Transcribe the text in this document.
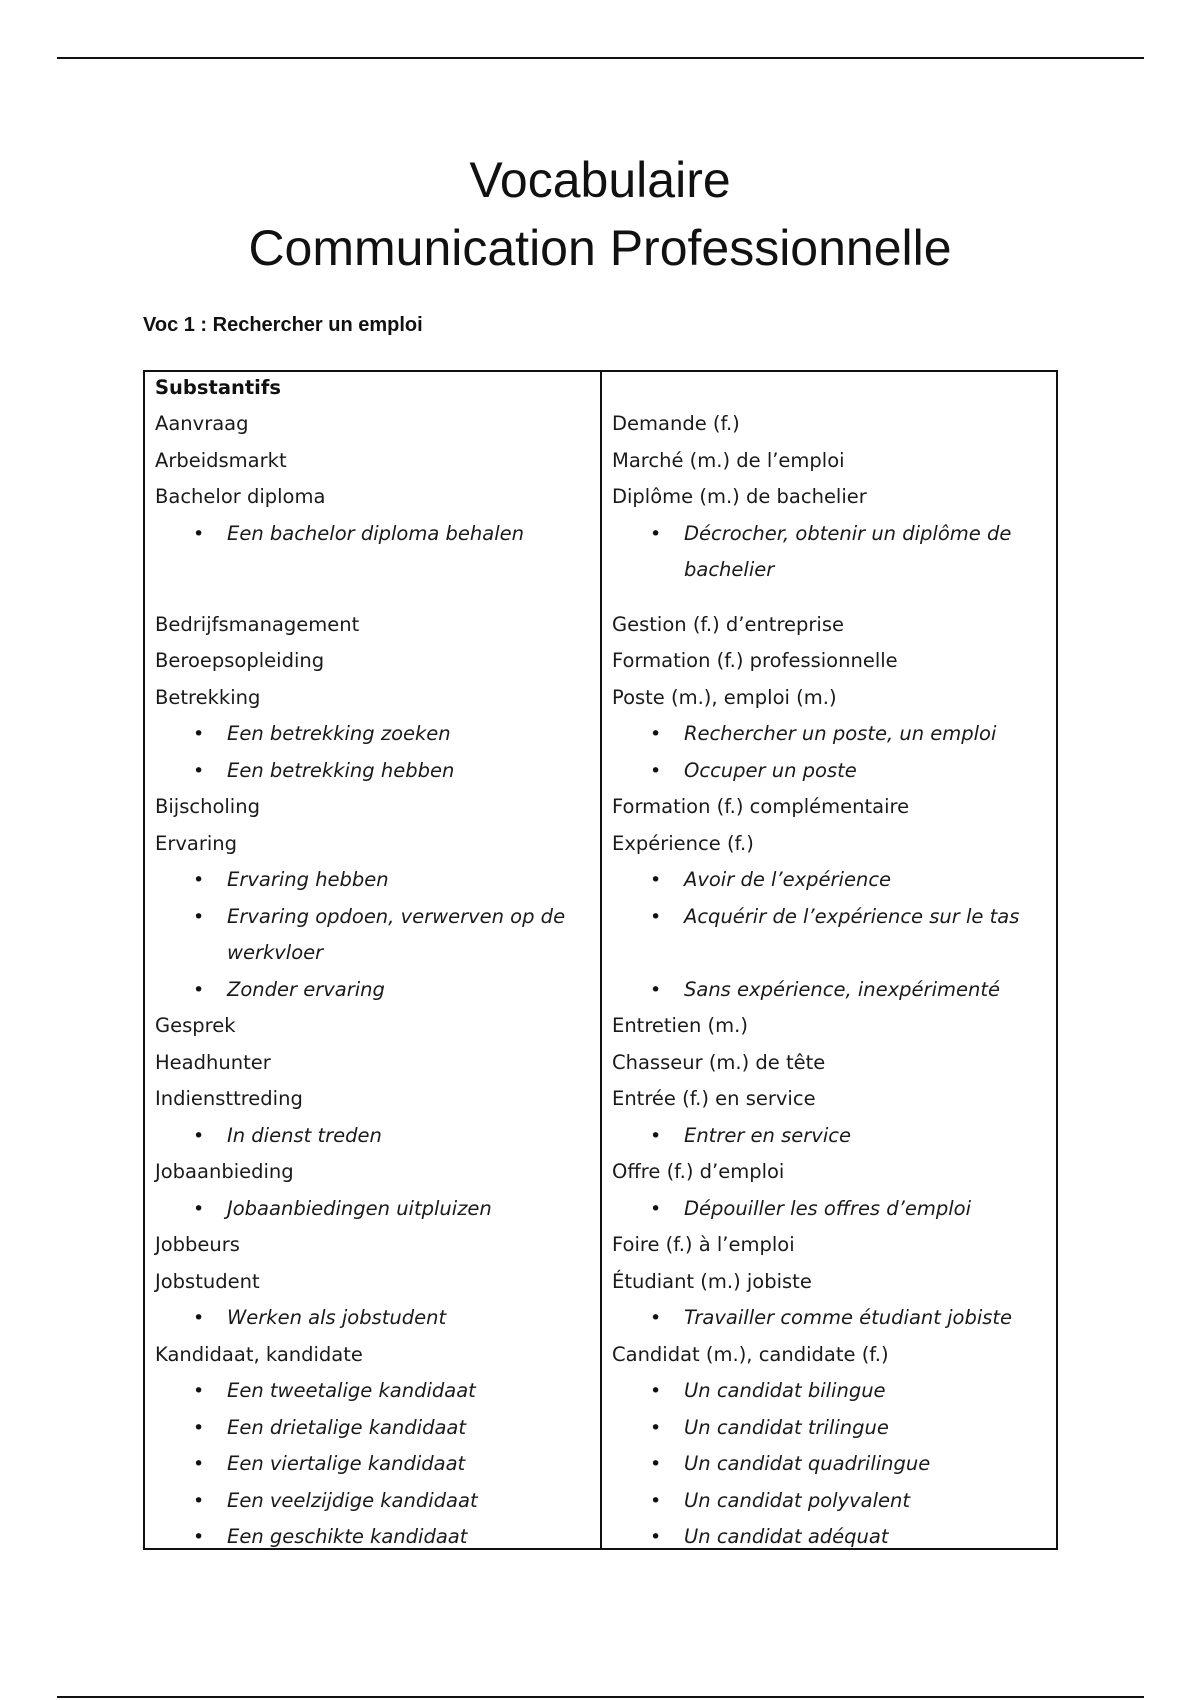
Vocabulaire
Communication Professionnelle
Voc 1 : Rechercher un emploi
Substantifs
Aanvraag
Arbeidsmarkt
Bachelor diploma
• Een bachelor diploma behalen
Bedrijfsmanagement
Beroepsopleiding
Betrekking
• Een betrekking zoeken
• Een betrekking hebben
Bijscholing
Ervaring
• Ervaring hebben
• Ervaring opdoen, verwerven op de werkvloer
• Zonder ervaring
Gesprek
Headhunter
Indiensttreding
• In dienst treden
Jobaanbieding
• Jobaanbiedingen uitpluizen
Jobbeurs
Jobstudent
• Werken als jobstudent
Kandidaat, kandidate
• Een tweetalige kandidaat
• Een drietalige kandidaat
• Een viertalige kandidaat
• Een veelzijdige kandidaat
• Een geschikte kandidaat
Demande (f.)
Marché (m.) de l’emploi
Diplôme (m.) de bachelier
• Décrocher, obtenir un diplôme de bachelier
Gestion (f.) d’entreprise
Formation (f.) professionnelle
Poste (m.), emploi (m.)
• Rechercher un poste, un emploi
• Occuper un poste
Formation (f.) complémentaire
Expérience (f.)
• Avoir de l’expérience
• Acquérir de l’expérience sur le tas
• Sans expérience, inexpérimenté
Entretien (m.)
Chasseur (m.) de tête
Entrée (f.) en service
• Entrer en service
Offre (f.) d’emploi
• Dépouiller les offres d’emploi
Foire (f.) à l’emploi
Étudiant (m.) jobiste
• Travailler comme étudiant jobiste
Candidat (m.), candidate (f.)
• Un candidat bilingue
• Un candidat trilingue
• Un candidat quadrilingue
• Un candidat polyvalent
• Un candidat adéquat
